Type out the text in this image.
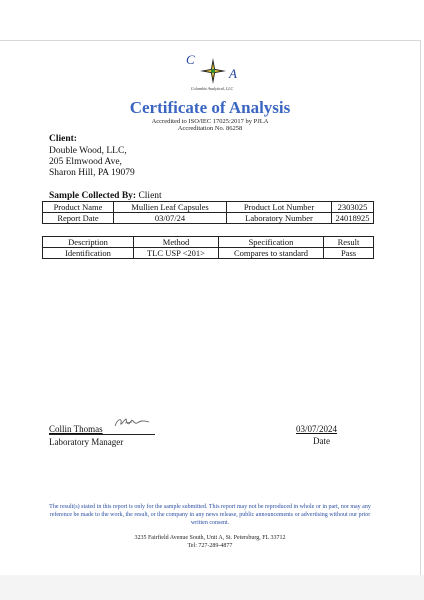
C
A
Columbia Analytical, LLC
Certificate of Analysis
Accredited to ISO/IEC 17025:2017 by PJLA
Accreditation No. 86258
Client:
Double Wood, LLC,
205 Elmwood Ave,
Sharon Hill, PA 19079
Sample Collected By: Client
Product Name	Mullien Leaf Capsules	Product Lot Number	2303025
Report Date	03/07/24	Laboratory Number	24018925
Description	Method	Specification	Result
Identification	TLC USP <201>	Compares to standard	Pass
Collin Thomas
Laboratory Manager
03/07/2024
Date
The result(s) stated in this report is only for the sample submitted. This report may not be reproduced in whole or in part, nor may any reference be made to the work, the result, or the company in any news release, public announcements or advertising without our prior written consent.
3235 Fairfield Avenue South, Unit A, St. Petersburg, FL 33712
Tel: 727-289-4877
